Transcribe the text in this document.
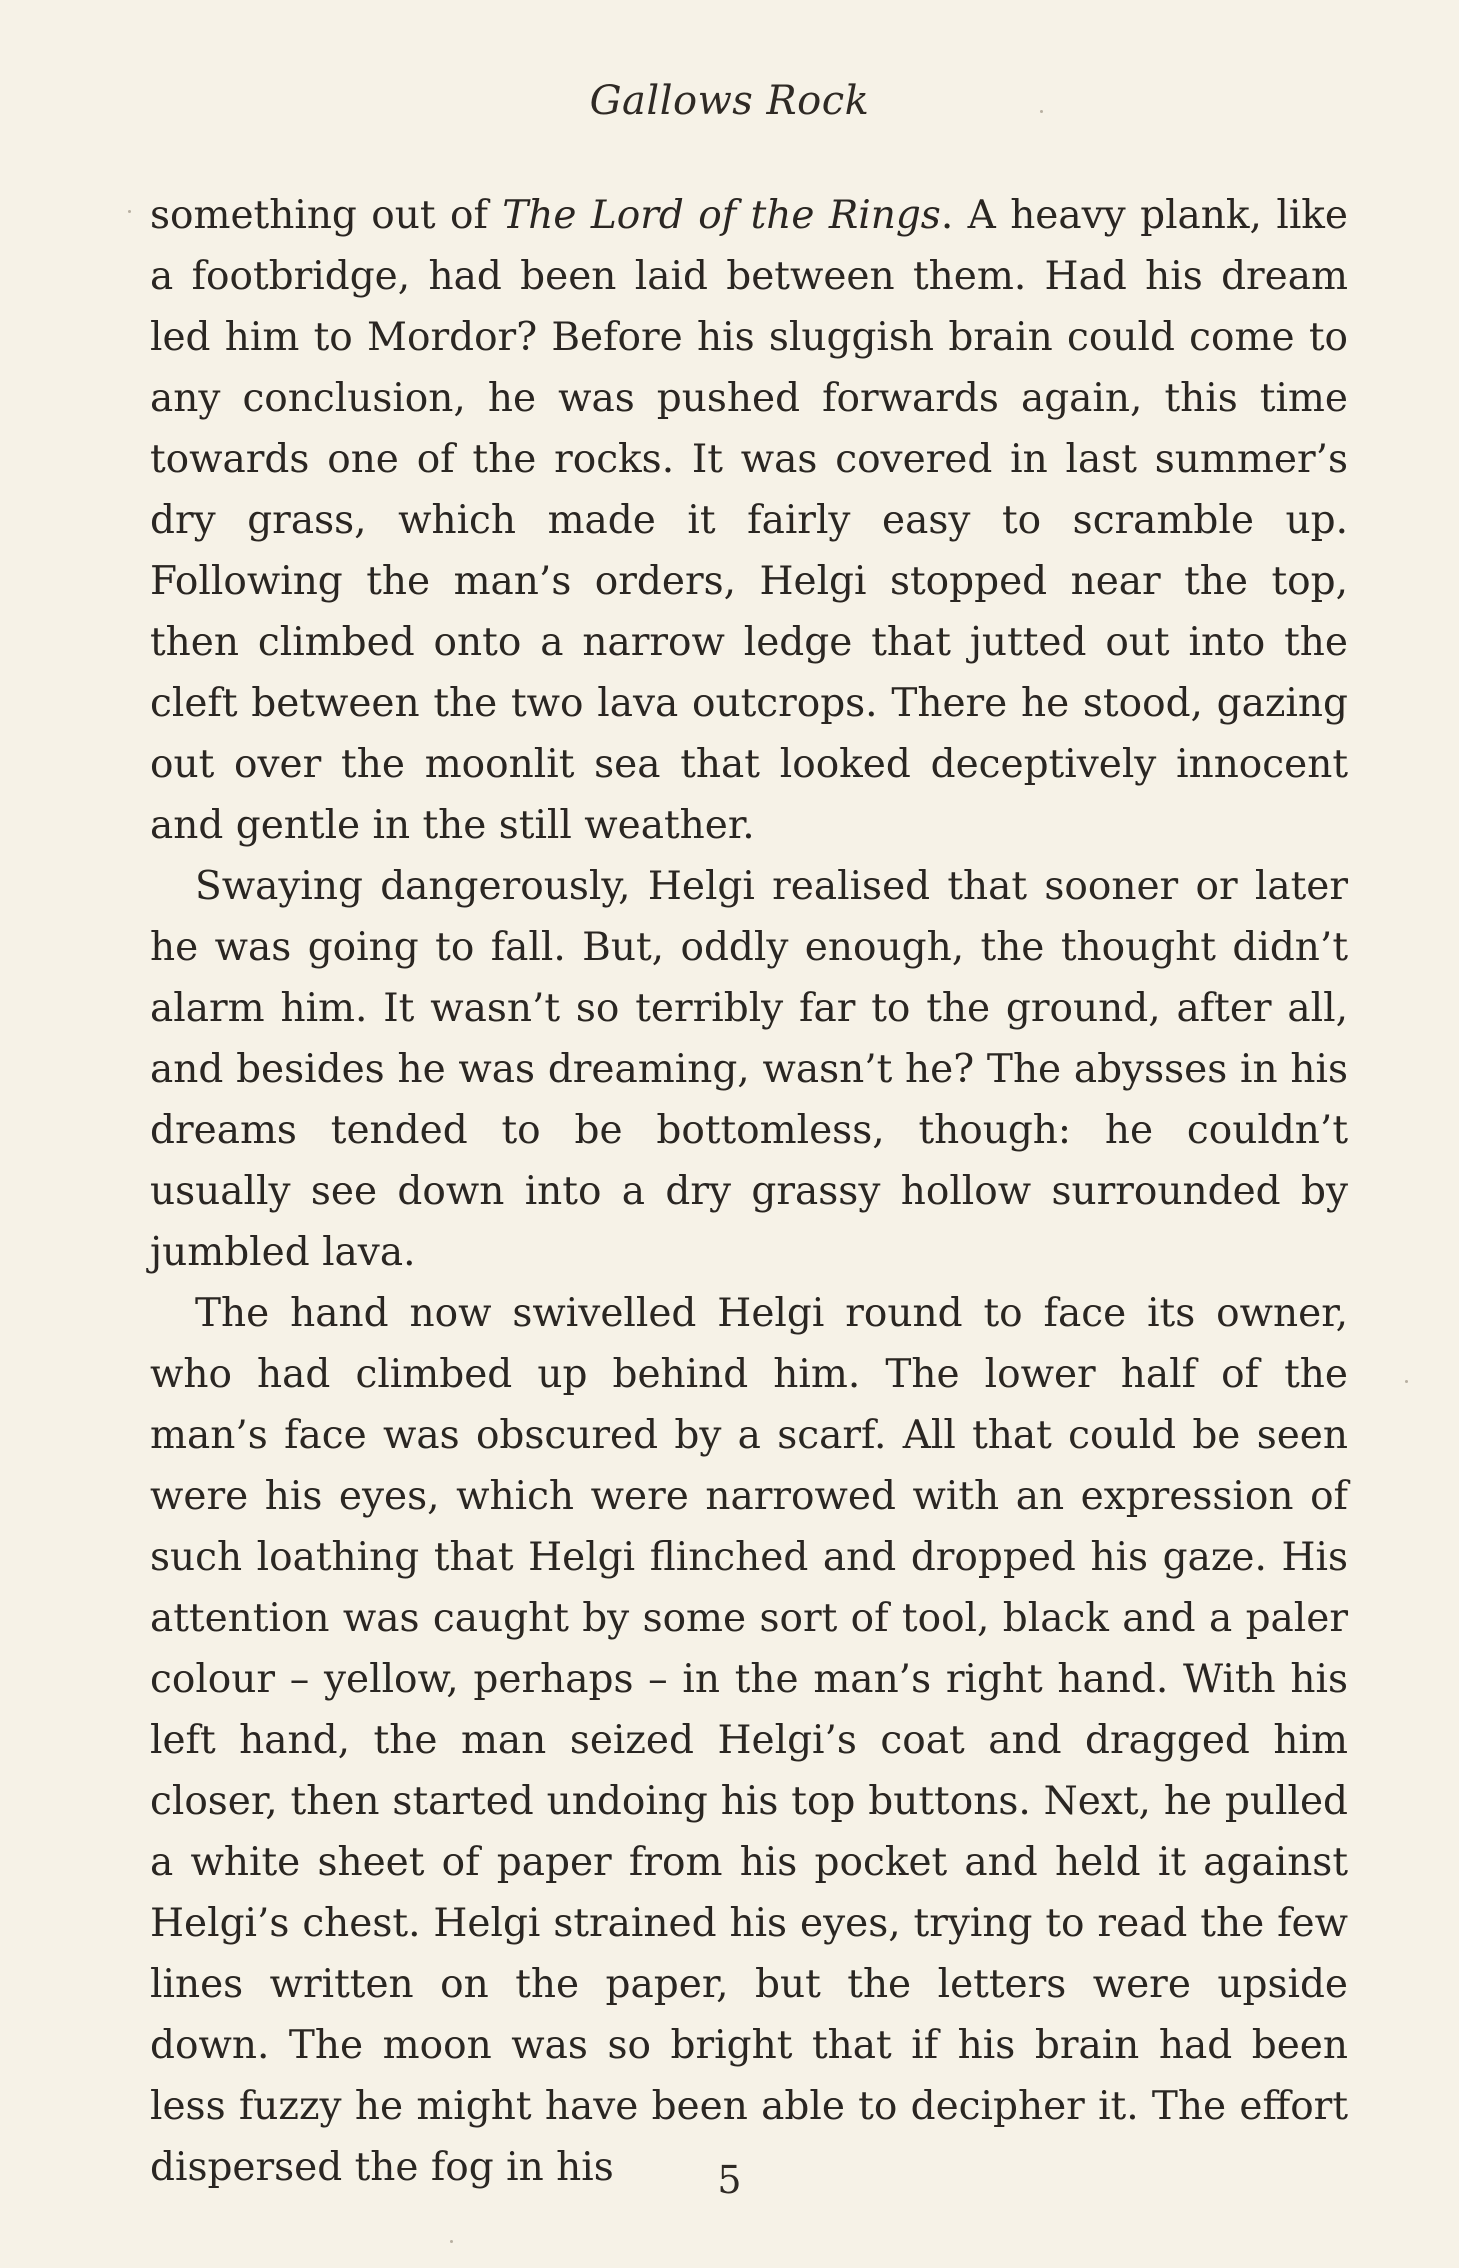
Gallows Rock

something out of The Lord of the Rings. A heavy plank, like a footbridge, had been laid between them. Had his dream led him to Mordor? Before his sluggish brain could come to any conclusion, he was pushed forwards again, this time towards one of the rocks. It was covered in last summer’s dry grass, which made it fairly easy to scramble up. Following the man’s orders, Helgi stopped near the top, then climbed onto a narrow ledge that jutted out into the cleft between the two lava outcrops. There he stood, gazing out over the moonlit sea that looked deceptively innocent and gentle in the still weather.

Swaying dangerously, Helgi realised that sooner or later he was going to fall. But, oddly enough, the thought didn’t alarm him. It wasn’t so terribly far to the ground, after all, and besides he was dreaming, wasn’t he? The abysses in his dreams tended to be bottomless, though: he couldn’t usually see down into a dry grassy hollow surrounded by jumbled lava.

The hand now swivelled Helgi round to face its owner, who had climbed up behind him. The lower half of the man’s face was obscured by a scarf. All that could be seen were his eyes, which were narrowed with an expression of such loathing that Helgi flinched and dropped his gaze. His attention was caught by some sort of tool, black and a paler colour – yellow, perhaps – in the man’s right hand. With his left hand, the man seized Helgi’s coat and dragged him closer, then started undoing his top buttons. Next, he pulled a white sheet of paper from his pocket and held it against Helgi’s chest. Helgi strained his eyes, trying to read the few lines written on the paper, but the letters were upside down. The moon was so bright that if his brain had been less fuzzy he might have been able to decipher it. The effort dispersed the fog in his	5
